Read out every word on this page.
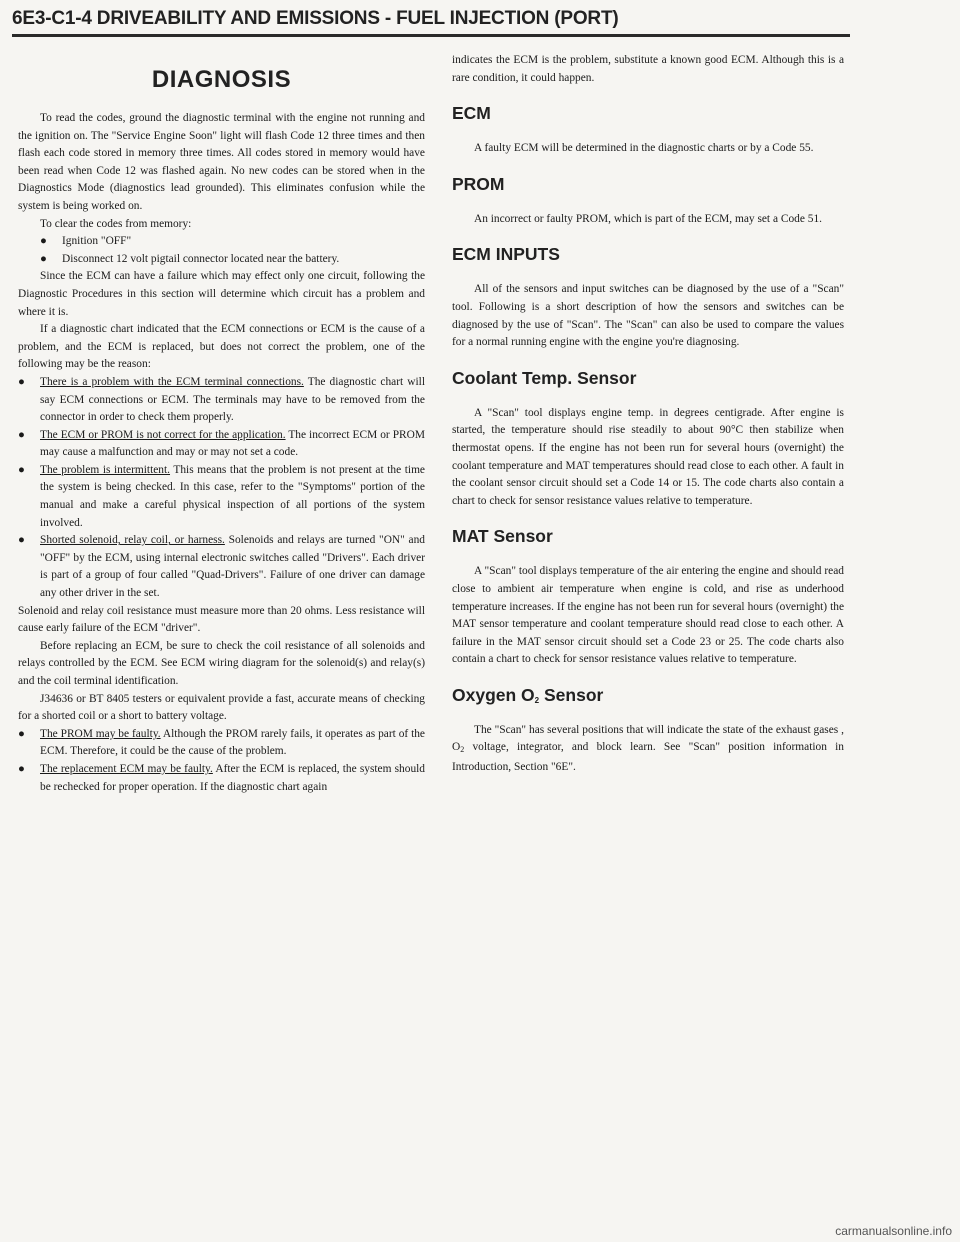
6E3-C1-4 DRIVEABILITY AND EMISSIONS - FUEL INJECTION (PORT)
DIAGNOSIS

To read the codes, ground the diagnostic terminal with the engine not running and the ignition on. The "Service Engine Soon" light will flash Code 12 three times and then flash each code stored in memory three times. All codes stored in memory would have been read when Code 12 was flashed again. No new codes can be stored when in the Diagnostics Mode (diagnostics lead grounded). This eliminates confusion while the system is being worked on.

To clear the codes from memory:

● Ignition "OFF"

● Disconnect 12 volt pigtail connector located near the battery.

Since the ECM can have a failure which may effect only one circuit, following the Diagnostic Procedures in this section will determine which circuit has a problem and where it is.

If a diagnostic chart indicated that the ECM connections or ECM is the cause of a problem, and the ECM is replaced, but does not correct the problem, one of the following may be the reason:

● There is a problem with the ECM terminal connections. The diagnostic chart will say ECM connections or ECM. The terminals may have to be removed from the connector in order to check them properly.

● The ECM or PROM is not correct for the application. The incorrect ECM or PROM may cause a malfunction and may or may not set a code.

● The problem is intermittent. This means that the problem is not present at the time the system is being checked. In this case, refer to the "Symptoms" portion of the manual and make a careful physical inspection of all portions of the system involved.

● Shorted solenoid, relay coil, or harness. Solenoids and relays are turned "ON" and "OFF" by the ECM, using internal electronic switches called "Drivers". Each driver is part of a group of four called "Quad-Drivers". Failure of one driver can damage any other driver in the set.

Solenoid and relay coil resistance must measure more than 20 ohms. Less resistance will cause early failure of the ECM "driver".

Before replacing an ECM, be sure to check the coil resistance of all solenoids and relays controlled by the ECM. See ECM wiring diagram for the solenoid(s) and relay(s) and the coil terminal identification.

J34636 or BT 8405 testers or equivalent provide a fast, accurate means of checking for a shorted coil or a short to battery voltage.

● The PROM may be faulty. Although the PROM rarely fails, it operates as part of the ECM. Therefore, it could be the cause of the problem.

● The replacement ECM may be faulty. After the ECM is replaced, the system should be rechecked for proper operation. If the diagnostic chart again

indicates the ECM is the problem, substitute a known good ECM. Although this is a rare condition, it could happen.

ECM

A faulty ECM will be determined in the diagnostic charts or by a Code 55.

PROM

An incorrect or faulty PROM, which is part of the ECM, may set a Code 51.

ECM INPUTS

All of the sensors and input switches can be diagnosed by the use of a "Scan" tool. Following is a short description of how the sensors and switches can be diagnosed by the use of "Scan". The "Scan" can also be used to compare the values for a normal running engine with the engine you're diagnosing.

Coolant Temp. Sensor

A "Scan" tool displays engine temp. in degrees centigrade. After engine is started, the temperature should rise steadily to about 90°C then stabilize when thermostat opens. If the engine has not been run for several hours (overnight) the coolant temperature and MAT temperatures should read close to each other. A fault in the coolant sensor circuit should set a Code 14 or 15. The code charts also contain a chart to check for sensor resistance values relative to temperature.

MAT Sensor

A "Scan" tool displays temperature of the air entering the engine and should read close to ambient air temperature when engine is cold, and rise as underhood temperature increases. If the engine has not been run for several hours (overnight) the MAT sensor temperature and coolant temperature should read close to each other. A failure in the MAT sensor circuit should set a Code 23 or 25. The code charts also contain a chart to check for sensor resistance values relative to temperature.

Oxygen $O_2$ Sensor

The "Scan" has several positions that will indicate the state of the exhaust gases , $O_2$ voltage, integrator, and block learn. See "Scan" position information in Introduction, Section "6E".

carmanualsonline.info
